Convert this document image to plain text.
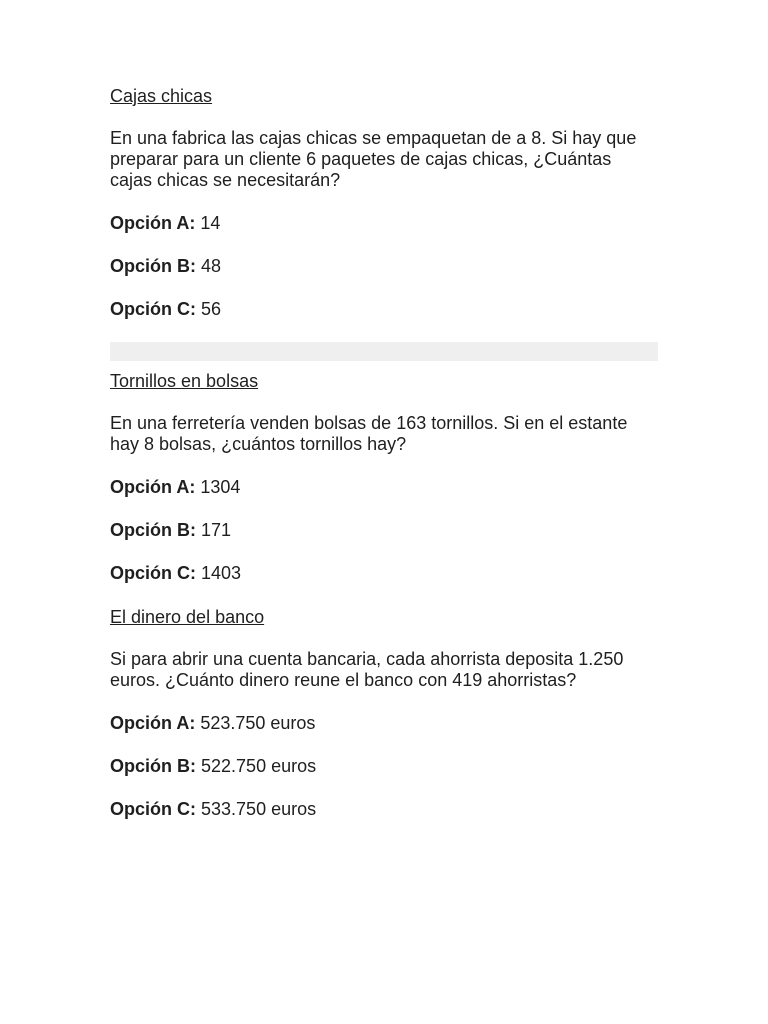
Cajas chicas

En una fabrica las cajas chicas se empaquetan de a 8. Si hay que preparar para un cliente 6 paquetes de cajas chicas, ¿Cuántas cajas chicas se necesitarán?

Opción A: 14

Opción B: 48

Opción C: 56

Tornillos en bolsas

En una ferretería venden bolsas de 163 tornillos. Si en el estante hay 8 bolsas, ¿cuántos tornillos hay?

Opción A: 1304

Opción B: 171

Opción C: 1403

El dinero del banco

Si para abrir una cuenta bancaria, cada ahorrista deposita 1.250 euros. ¿Cuánto dinero reune el banco con 419 ahorristas?

Opción A: 523.750 euros

Opción B: 522.750 euros

Opción C: 533.750 euros
